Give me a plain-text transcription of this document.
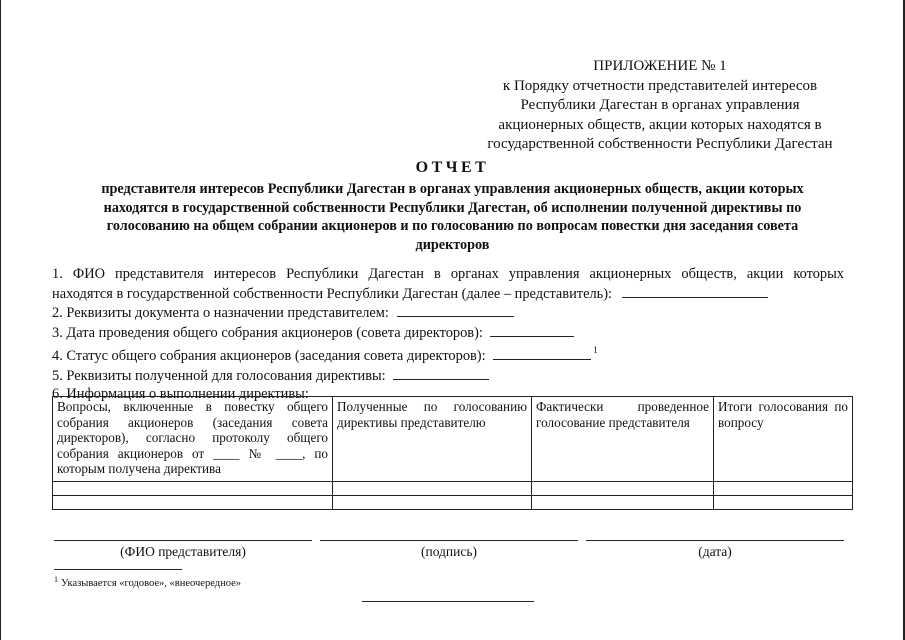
ПРИЛОЖЕНИЕ № 1
к Порядку отчетности представителей интересов
Республики Дагестан в органах управления
акционерных обществ, акции которых находятся в
государственной собственности Республики Дагестан
ОТЧЕТ
представителя интересов Республики Дагестан в органах управления акционерных обществ, акции которых находятся в государственной собственности Республики Дагестан, об исполнении полученной директивы по голосованию на общем собрании акционеров и по голосованию по вопросам повестки дня заседания совета директоров
1. ФИО представителя интересов Республики Дагестан в органах управления акционерных обществ, акции которых
находятся в государственной собственности Республики Дагестан (далее – представитель):
2. Реквизиты документа о назначении представителем:
3. Дата проведения общего собрания акционеров (совета директоров):
4. Статус общего собрания акционеров (заседания совета директоров):	$^1$
5. Реквизиты полученной для голосования директивы:
6. Информация о выполнении директивы:
Вопросы, включенные в повестку общего собрания акционеров (заседания совета директоров), согласно протоколу общего собрания акционеров от ____ № ____, по которым получена директива	Полученные по голосованию директивы представителю	Фактически проведенное голосование представителя	Итоги голосования по вопросу

(ФИО представителя)	(подпись)	(дата)
$^1$ Указывается «годовое», «внеочередное»
